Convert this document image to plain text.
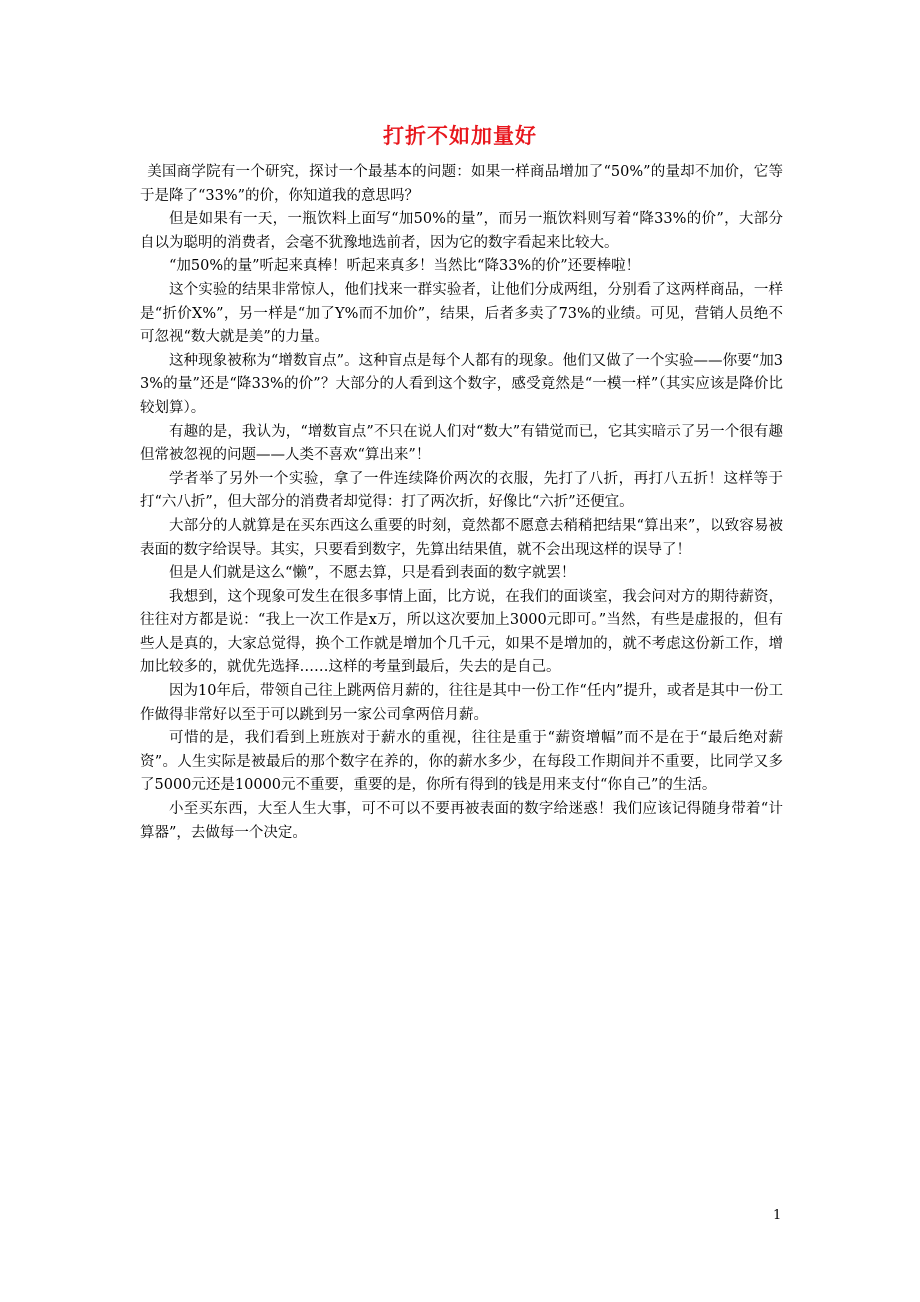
打折不如加量好

美国商学院有一个研究，探讨一个最基本的问题：如果一样商品增加了“50%”的量却不加价，它等于是降了“33%”的价，你知道我的意思吗？

但是如果有一天，一瓶饮料上面写“加50%的量”，而另一瓶饮料则写着“降33%的价”，大部分自以为聪明的消费者，会毫不犹豫地选前者，因为它的数字看起来比较大。

“加50%的量”听起来真棒！听起来真多！当然比“降33%的价”还要棒啦！

这个实验的结果非常惊人，他们找来一群实验者，让他们分成两组，分别看了这两样商品，一样是“折价X%”，另一样是“加了Y%而不加价”，结果，后者多卖了73%的业绩。可见，营销人员绝不可忽视“数大就是美”的力量。

这种现象被称为“增数盲点”。这种盲点是每个人都有的现象。他们又做了一个实验——你要“加33%的量”还是“降33%的价”？大部分的人看到这个数字，感受竟然是“一模一样”（其实应该是降价比较划算）。

有趣的是，我认为，“增数盲点”不只在说人们对“数大”有错觉而已，它其实暗示了另一个很有趣但常被忽视的问题——人类不喜欢“算出来”！

学者举了另外一个实验，拿了一件连续降价两次的衣服，先打了八折，再打八五折！这样等于打“六八折”，但大部分的消费者却觉得：打了两次折，好像比“六折”还便宜。

大部分的人就算是在买东西这么重要的时刻，竟然都不愿意去稍稍把结果“算出来”，以致容易被表面的数字给误导。其实，只要看到数字，先算出结果值，就不会出现这样的误导了！

但是人们就是这么“懒”，不愿去算，只是看到表面的数字就罢！

我想到，这个现象可发生在很多事情上面，比方说，在我们的面谈室，我会问对方的期待薪资，往往对方都是说：“我上一次工作是x万，所以这次要加上3000元即可。”当然，有些是虚报的，但有些人是真的，大家总觉得，换个工作就是增加个几千元，如果不是增加的，就不考虑这份新工作，增加比较多的，就优先选择……这样的考量到最后，失去的是自己。

因为10年后，带领自己往上跳两倍月薪的，往往是其中一份工作“任内”提升，或者是其中一份工作做得非常好以至于可以跳到另一家公司拿两倍月薪。

可惜的是，我们看到上班族对于薪水的重视，往往是重于“薪资增幅”而不是在于“最后绝对薪资”。人生实际是被最后的那个数字在养的，你的薪水多少，在每段工作期间并不重要，比同学又多了5000元还是10000元不重要，重要的是，你所有得到的钱是用来支付“你自己”的生活。

小至买东西，大至人生大事，可不可以不要再被表面的数字给迷惑！我们应该记得随身带着“计算器”，去做每一个决定。

1
